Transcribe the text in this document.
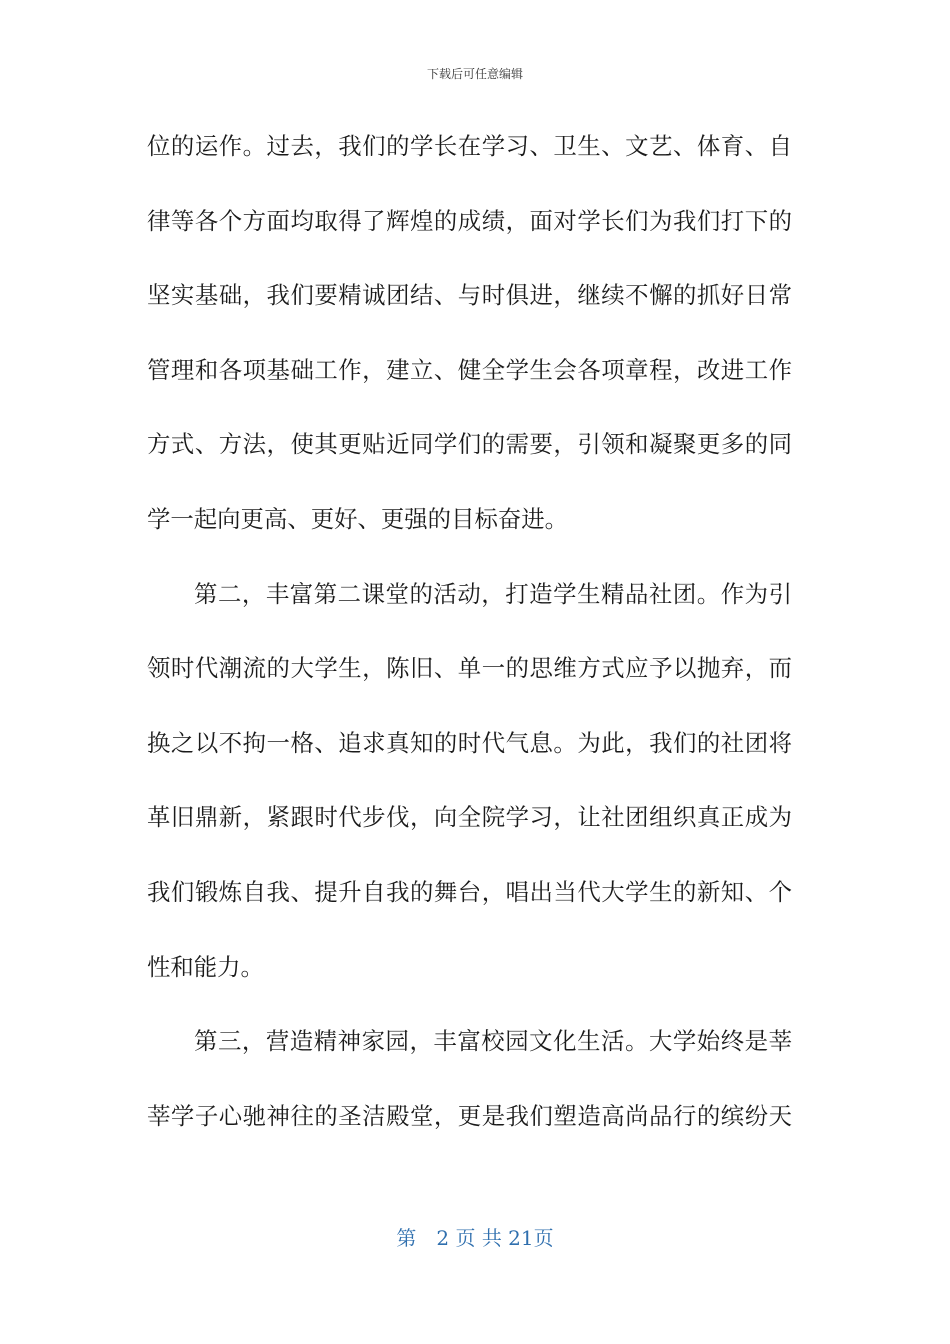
下载后可任意编辑
位的运作。过去，我们的学长在学习、卫生、文艺、体育、自
律等各个方面均取得了辉煌的成绩，面对学长们为我们打下的
坚实基础，我们要精诚团结、与时俱进，继续不懈的抓好日常
管理和各项基础工作，建立、健全学生会各项章程，改进工作
方式、方法，使其更贴近同学们的需要，引领和凝聚更多的同
学一起向更高、更好、更强的目标奋进。
第二，丰富第二课堂的活动，打造学生精品社团。作为引
领时代潮流的大学生，陈旧、单一的思维方式应予以抛弃，而
换之以不拘一格、追求真知的时代气息。为此，我们的社团将
革旧鼎新，紧跟时代步伐，向全院学习，让社团组织真正成为
我们锻炼自我、提升自我的舞台，唱出当代大学生的新知、个
性和能力。
第三，营造精神家园，丰富校园文化生活。大学始终是莘
莘学子心驰神往的圣洁殿堂，更是我们塑造高尚品行的缤纷天
第　2 页 共 21页
